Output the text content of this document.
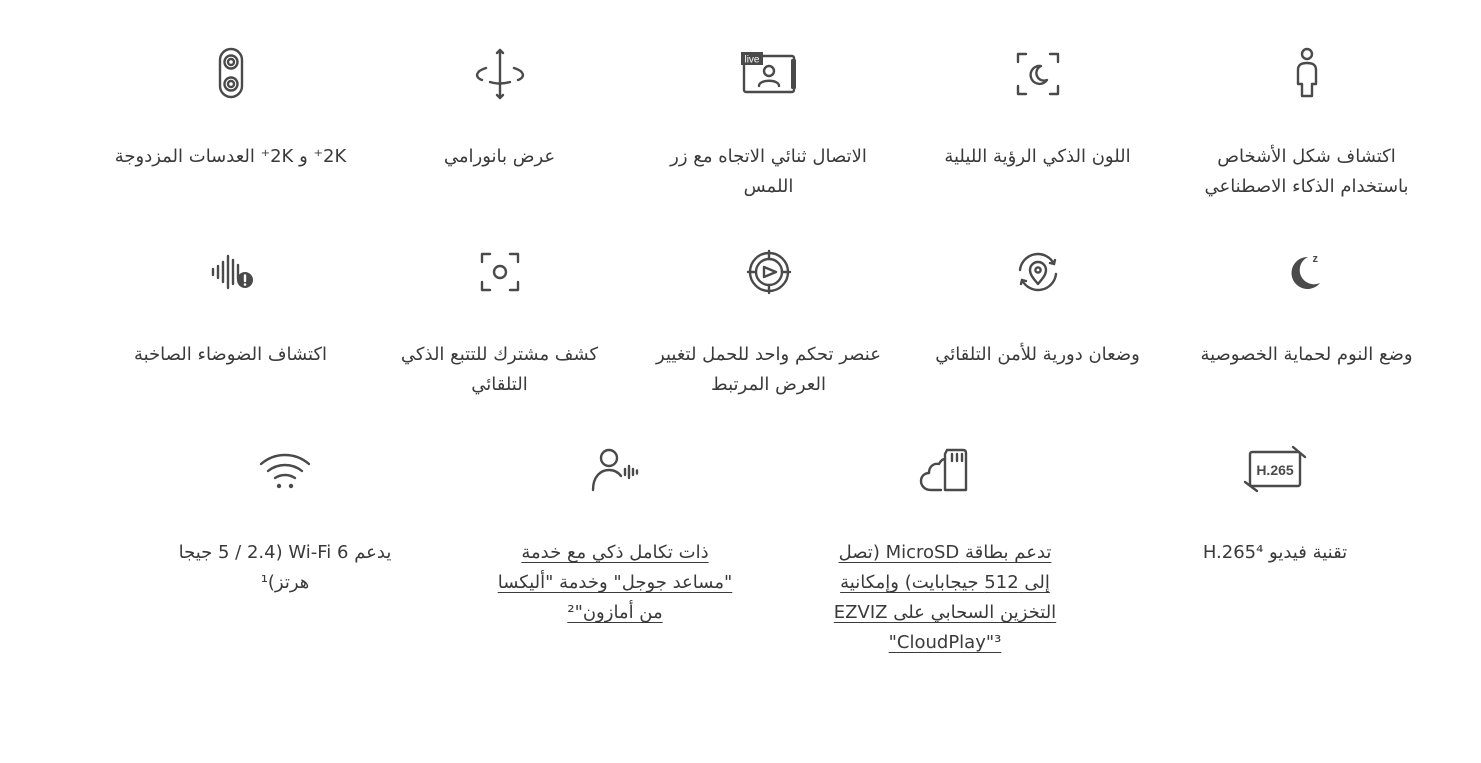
2K⁺ و 2K⁺ العدسات المزدوجة	عرض بانورامي
live
الاتصال ثنائي الاتجاه مع زر اللمس
اللون الذكي الرؤية الليلية	اكتشاف شكل الأشخاص باستخدام الذكاء الاصطناعي
اكتشاف الضوضاء الصاخبة	كشف مشترك للتتبع الذكي التلقائي
عنصر تحكم واحد للحمل لتغيير العرض المرتبط
وضعان دورية للأمن التلقائي
z
وضع النوم لحماية الخصوصية
يدعم Wi-Fi 6 (5 / 2.4 جيجا هرتز)¹
ذات تكامل ذكي مع خدمة "مساعد جوجل" وخدمة "أليكسا من أمازون"²
تدعم بطاقة MicroSD (تصل إلى 512 جيجابايت) وإمكانية التخزين السحابي على EZVIZ CloudPlay"³"
H.265
تقنية فيديو H.265⁴
